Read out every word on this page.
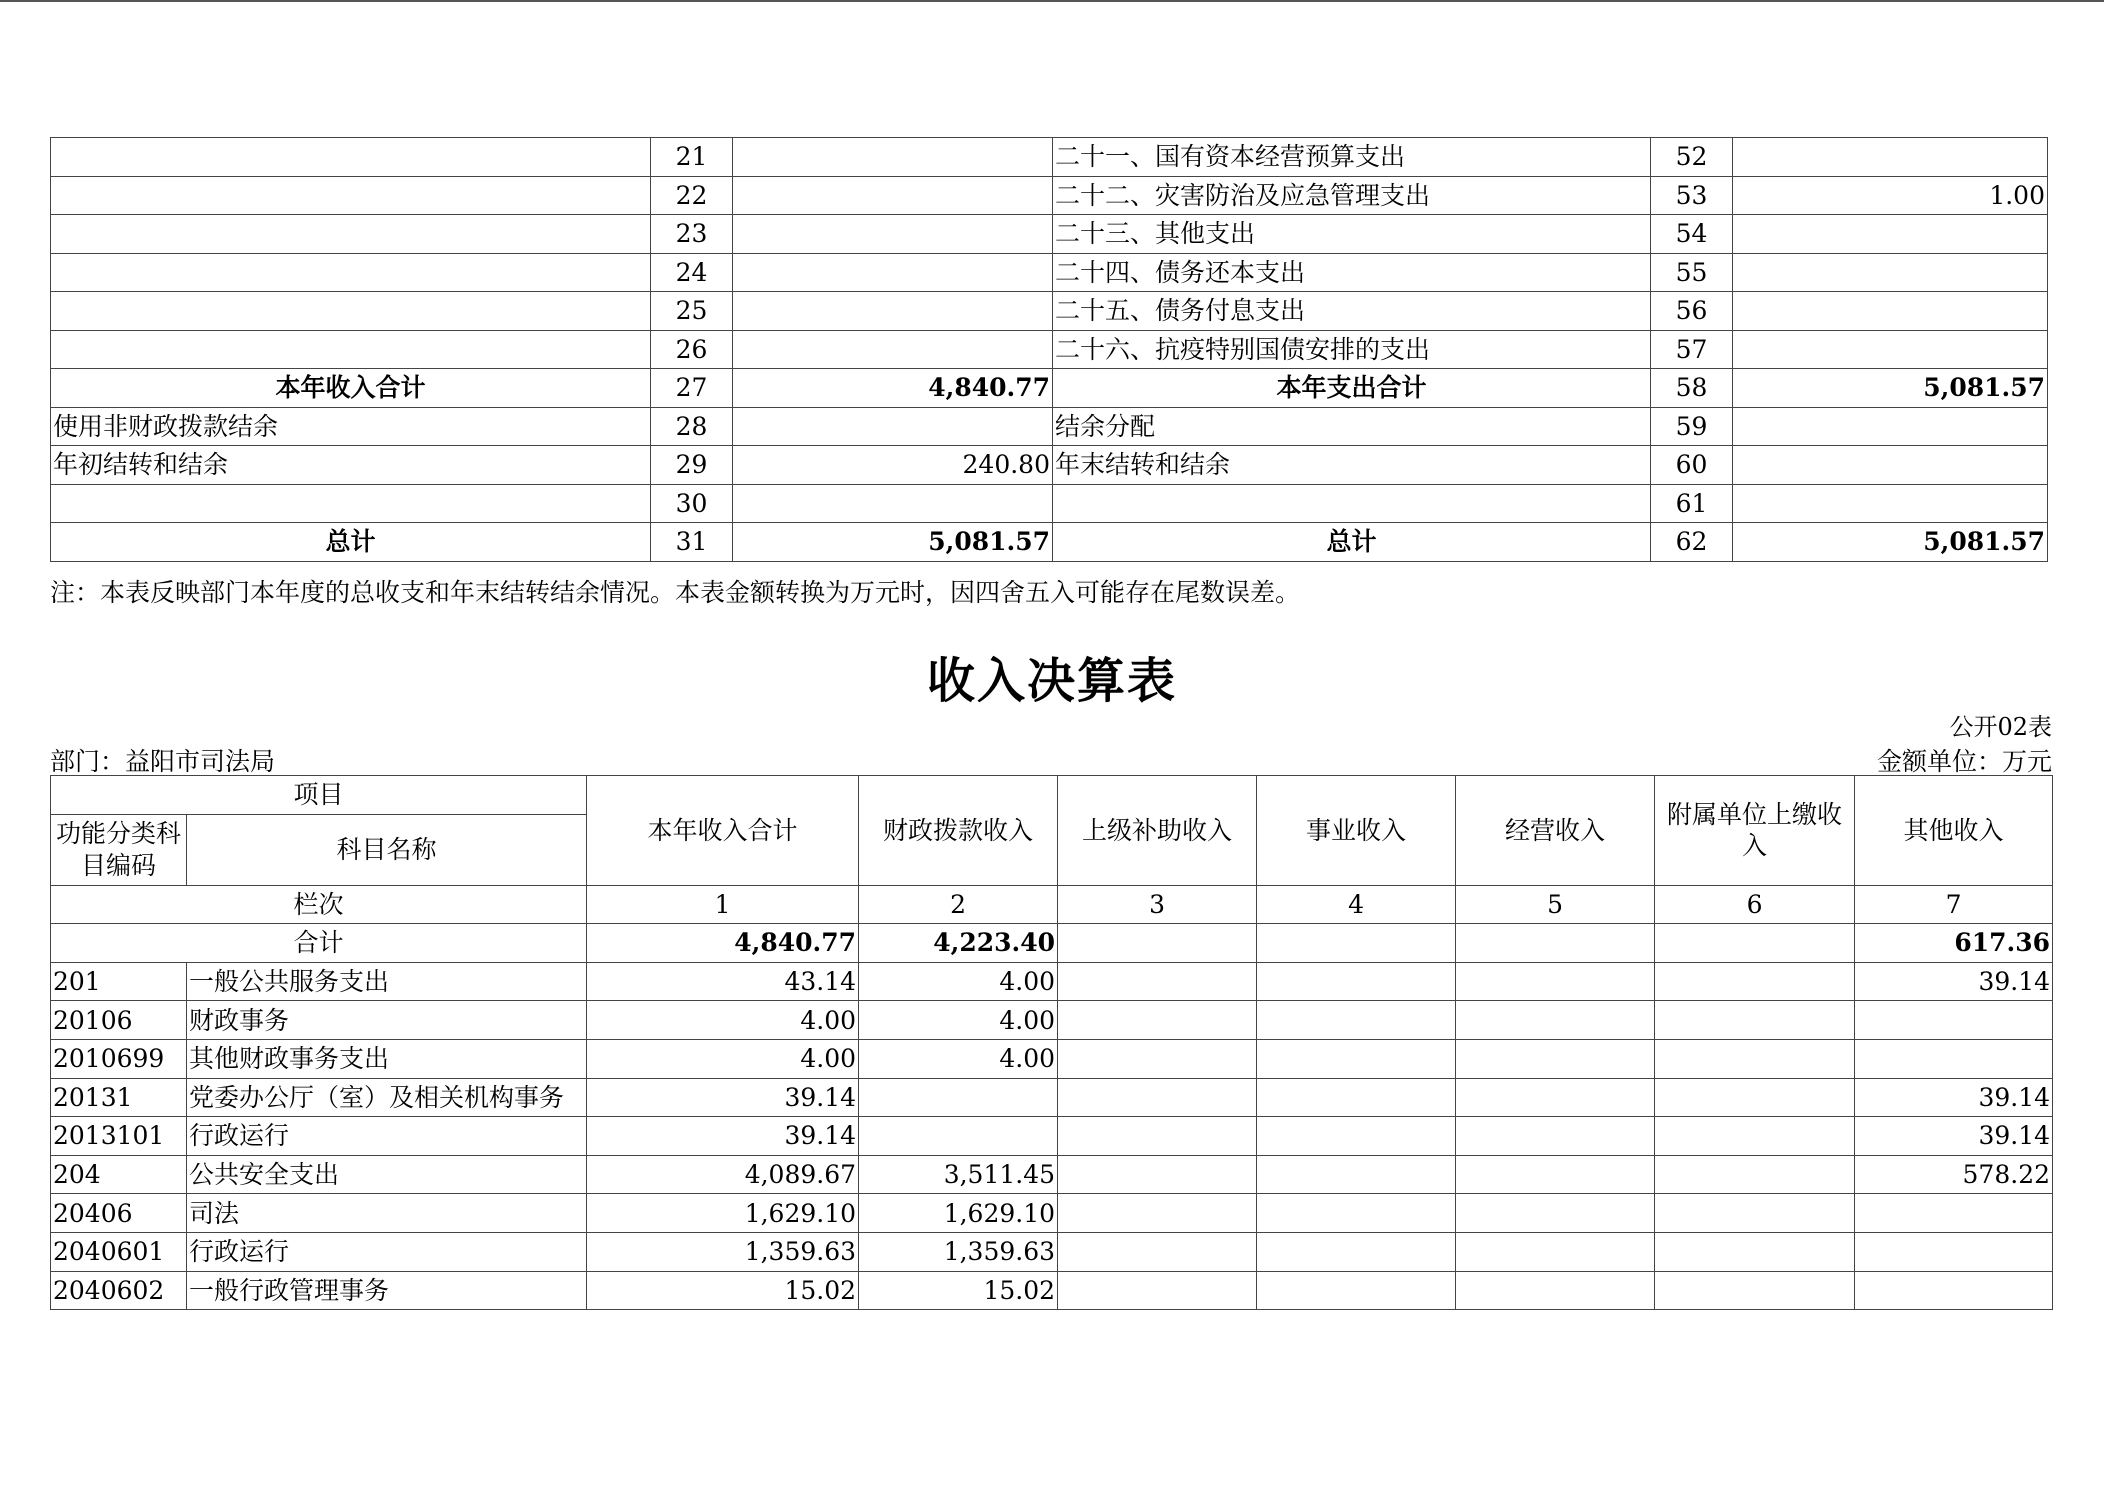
	21		二十一、国有资本经营预算支出	52	
	22		二十二、灾害防治及应急管理支出	53	1.00
	23		二十三、其他支出	54	
	24		二十四、债务还本支出	55	
	25		二十五、债务付息支出	56	
	26		二十六、抗疫特别国债安排的支出	57	
本年收入合计	27	4,840.77	本年支出合计	58	5,081.57
使用非财政拨款结余	28		结余分配	59	
年初结转和结余	29	240.80	年末结转和结余	60	
	30			61	
总计	31	5,081.57	总计	62	5,081.57
注：本表反映部门本年度的总收支和年末结转结余情况。本表金额转换为万元时，因四舍五入可能存在尾数误差。
收入决算表
公开02表
部门：益阳市司法局	金额单位：万元
项目		本年收入合计	财政拨款收入	上级补助收入	事业收入	经营收入	附属单位上缴收入	其他收入
功能分类科目编码	科目名称							
栏次		1	2	3	4	5	6	7
合计		4,840.77	4,223.40					617.36
201	一般公共服务支出	43.14	4.00					39.14
20106	财政事务	4.00	4.00					
2010699	其他财政事务支出	4.00	4.00					
20131	党委办公厅（室）及相关机构事务	39.14						39.14
2013101	行政运行	39.14						39.14
204	公共安全支出	4,089.67	3,511.45					578.22
20406	司法	1,629.10	1,629.10					
2040601	行政运行	1,359.63	1,359.63					
2040602	一般行政管理事务	15.02	15.02					
